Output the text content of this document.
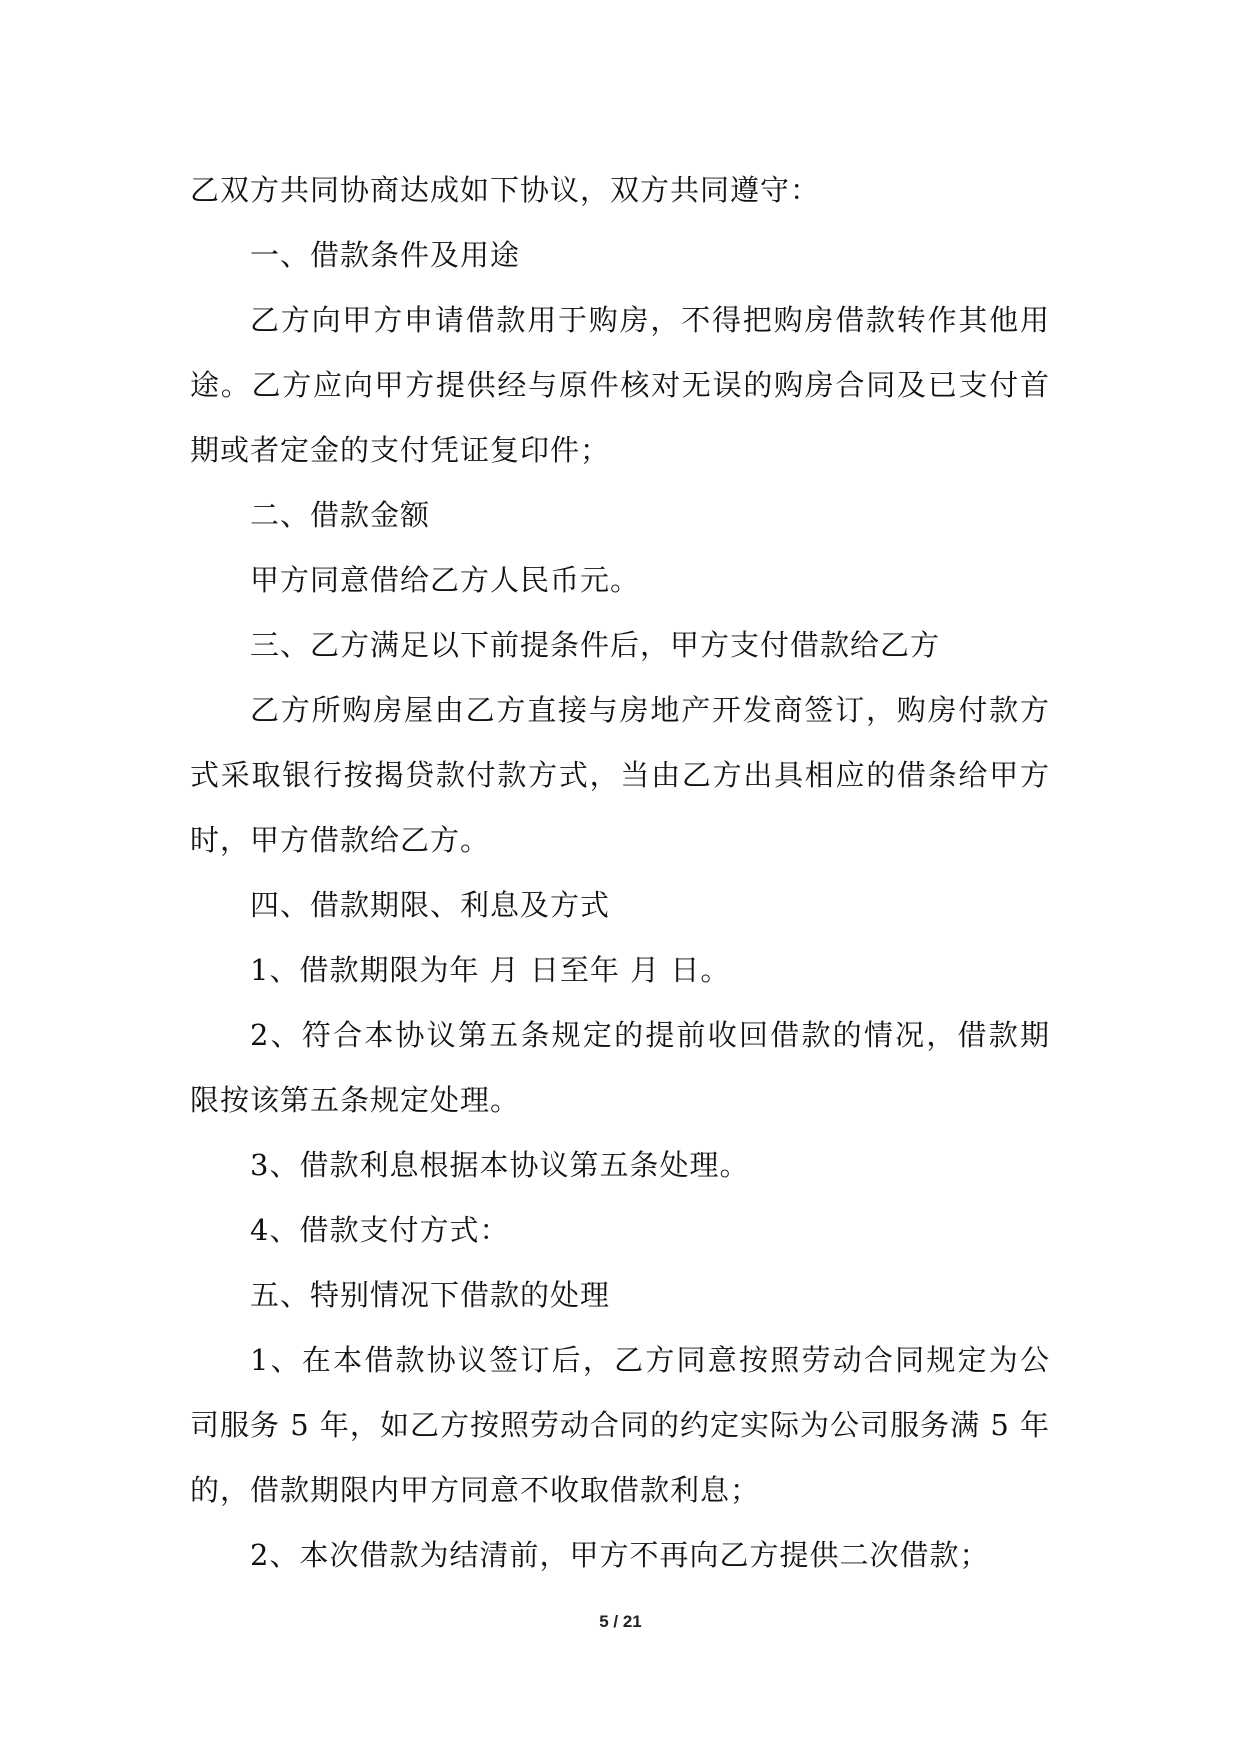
乙双方共同协商达成如下协议，双方共同遵守：
一、借款条件及用途
乙方向甲方申请借款用于购房，不得把购房借款转作其他用
途。乙方应向甲方提供经与原件核对无误的购房合同及已支付首
期或者定金的支付凭证复印件；
二、借款金额
甲方同意借给乙方人民币元。
三、乙方满足以下前提条件后，甲方支付借款给乙方
乙方所购房屋由乙方直接与房地产开发商签订，购房付款方
式采取银行按揭贷款付款方式，当由乙方出具相应的借条给甲方
时，甲方借款给乙方。
四、借款期限、利息及方式
1、借款期限为年 月 日至年 月 日。
2、符合本协议第五条规定的提前收回借款的情况，借款期
限按该第五条规定处理。
3、借款利息根据本协议第五条处理。
4、借款支付方式：
五、特别情况下借款的处理
1、在本借款协议签订后，乙方同意按照劳动合同规定为公
司服务 5 年，如乙方按照劳动合同的约定实际为公司服务满 5 年
的，借款期限内甲方同意不收取借款利息；
2、本次借款为结清前，甲方不再向乙方提供二次借款；
5 / 21
